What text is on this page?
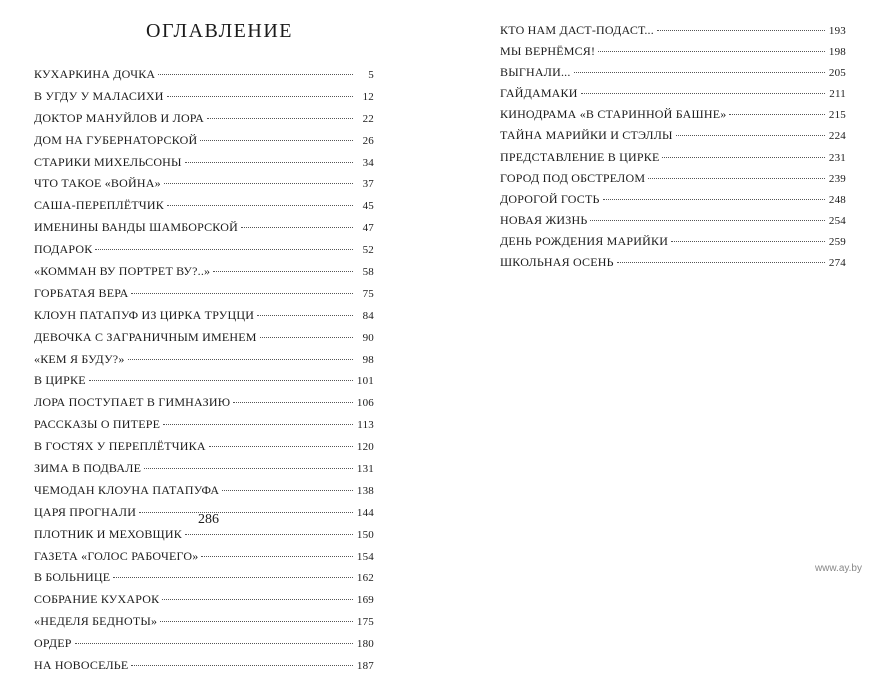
ОГЛАВЛЕНИЕ
КУХАРКИНА ДОЧКА	5
В УГДУ У МАЛАСИХИ	12
ДОКТОР МАНУЙЛОВ И ЛОРА	22
ДОМ НА ГУБЕРНАТОРСКОЙ	26
СТАРИКИ МИХЕЛЬСОНЫ	34
ЧТО ТАКОЕ «ВОЙНА»	37
САША-ПЕРЕПЛЁТЧИК	45
ИМЕНИНЫ ВАНДЫ ШАМБОРСКОЙ	47
ПОДАРОК	52
«КОММАН ВУ ПОРТРЕТ ВУ?..»	58
ГОРБАТАЯ ВЕРА	75
КЛОУН ПАТАПУФ ИЗ ЦИРКА ТРУЦЦИ	84
ДЕВОЧКА С ЗАГРАНИЧНЫМ ИМЕНЕМ	90
«КЕМ Я БУДУ?»	98
В ЦИРКЕ	101
ЛОРА ПОСТУПАЕТ В ГИМНАЗИЮ	106
РАССКАЗЫ О ПИТЕРЕ	113
В ГОСТЯХ У ПЕРЕПЛЁТЧИКА	120
ЗИМА В ПОДВАЛЕ	131
ЧЕМОДАН КЛОУНА ПАТАПУФА	138
ЦАРЯ ПРОГНАЛИ	144
ПЛОТНИК И МЕХОВЩИК	150
ГАЗЕТА «ГОЛОС РАБОЧЕГО»	154
В БОЛЬНИЦЕ	162
СОБРАНИЕ КУХАРОК	169
«НЕДЕЛЯ БЕДНОТЫ»	175
ОРДЕР	180
НА НОВОСЕЛЬЕ	187
286
КТО НАМ ДАСТ-ПОДАСТ...	193
МЫ ВЕРНЁМСЯ!	198
ВЫГНАЛИ...	205
ГАЙДАМАКИ	211
КИНОДРАМА «В СТАРИННОЙ БАШНЕ»	215
ТАЙНА МАРИЙКИ И СТЭЛЛЫ	224
ПРЕДСТАВЛЕНИЕ В ЦИРКЕ	231
ГОРОД ПОД ОБСТРЕЛОМ	239
ДОРОГОЙ ГОСТЬ	248
НОВАЯ ЖИЗНЬ	254
ДЕНЬ РОЖДЕНИЯ МАРИЙКИ	259
ШКОЛЬНАЯ ОСЕНЬ	274
www.ay.by
